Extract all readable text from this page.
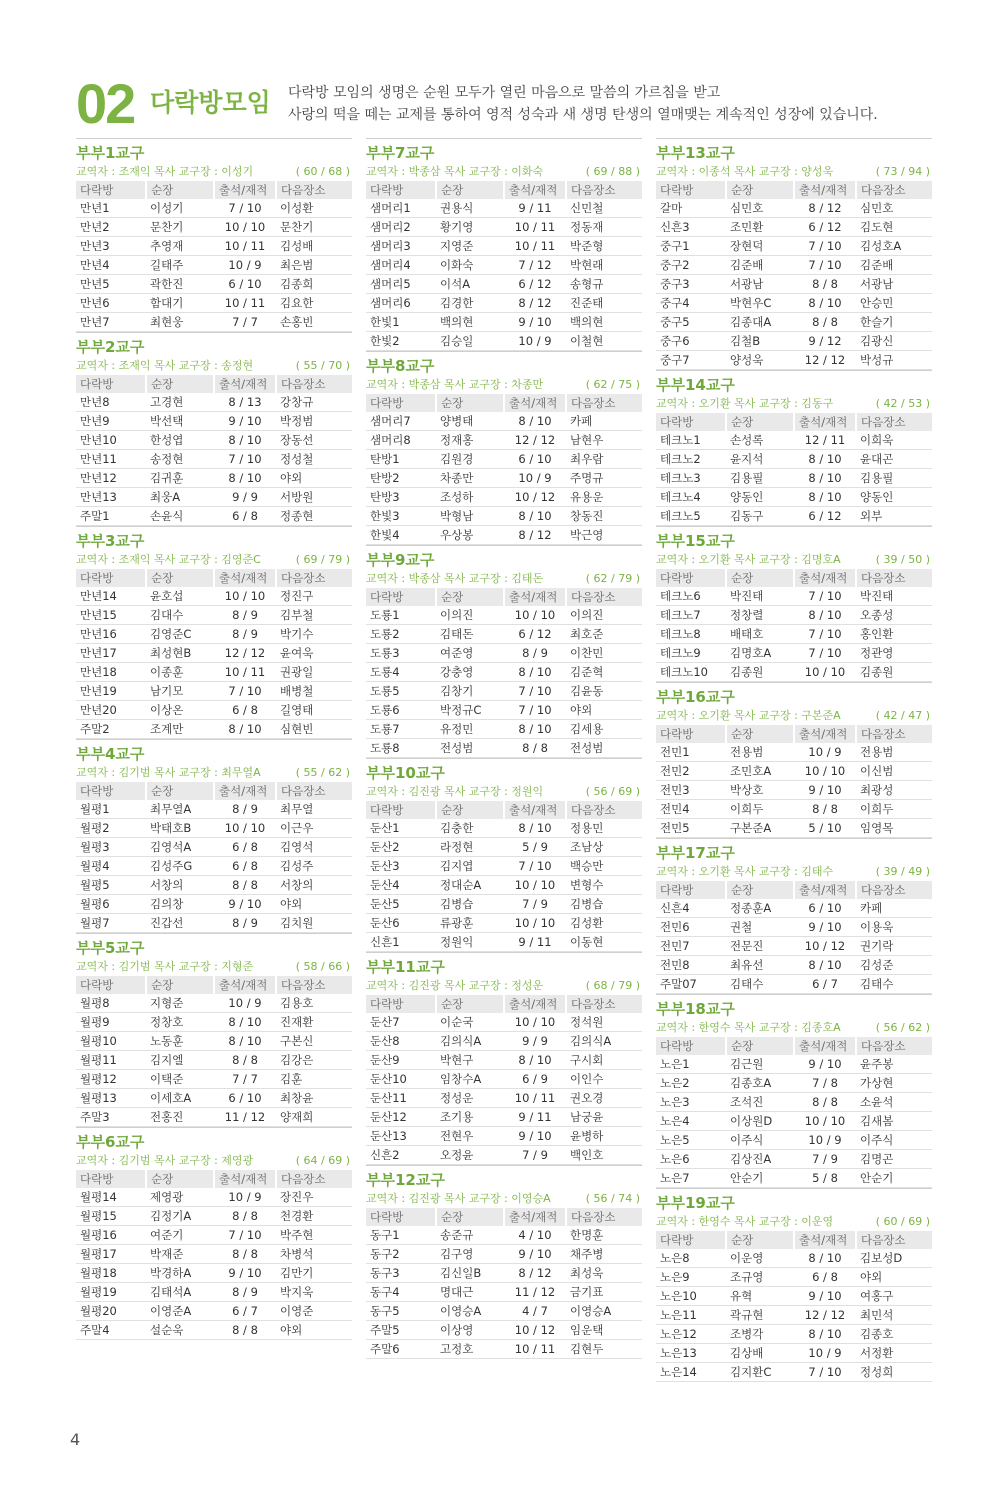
02 다락방모임 다락방 모임의 생명은 순원 모두가 열린 마음으로 말씀의 가르침을 받고
사랑의 떡을 떼는 교제를 통하여 영적 성숙과 새 생명 탄생의 열매맺는 계속적인 성장에 있습니다.
부부1교구
교역자 : 조재익 목사 교구장 : 이성기	( 60 / 68 )
다락방	순장	출석/재적	다음장소
만년1	이성기	7 / 10	이성환
만년2	문찬기	10 / 10	문찬기
만년3	추영재	10 / 11	김성배
만년4	길태주	10 / 9	최은범
만년5	곽한진	6 / 10	김종희
만년6	함대기	10 / 11	김요한
만년7	최현웅	7 / 7	손홍빈
부부2교구
교역자 : 조재익 목사 교구장 : 송정현	( 55 / 70 )
다락방	순장	출석/재적	다음장소
만년8	고경현	8 / 13	강창규
만년9	박선택	9 / 10	박정범
만년10	한성엽	8 / 10	장동선
만년11	송정현	7 / 10	정성철
만년12	김귀훈	8 / 10	야외
만년13	최웅A	9 / 9	서방원
주말1	손윤식	6 / 8	정종현
부부3교구
교역자 : 조재익 목사 교구장 : 김영준C	( 69 / 79 )
다락방	순장	출석/재적	다음장소
만년14	윤호섭	10 / 10	정진구
만년15	김대수	8 / 9	김부철
만년16	김영준C	8 / 9	박기수
만년17	최성현B	12 / 12	윤여욱
만년18	이종훈	10 / 11	권광일
만년19	남기모	7 / 10	배병철
만년20	이상온	6 / 8	길영태
주말2	조계만	8 / 10	심현빈
부부4교구
교역자 : 김기범 목사 교구장 : 최무열A	( 55 / 62 )
다락방	순장	출석/재적	다음장소
월평1	최무열A	8 / 9	최무열
월평2	박태호B	10 / 10	이근우
월평3	김영석A	6 / 8	김영석
월평4	김성주G	6 / 8	김성주
월평5	서창의	8 / 8	서창의
월평6	김의창	9 / 10	야외
월평7	진갑선	8 / 9	김치원
부부5교구
교역자 : 김기범 목사 교구장 : 지형준	( 58 / 66 )
다락방	순장	출석/재적	다음장소
월평8	지형준	10 / 9	김용호
월평9	정창호	8 / 10	진재환
월평10	노동훈	8 / 10	구본신
월평11	김지엘	8 / 8	김강은
월평12	이택준	7 / 7	김훈
월평13	이세호A	6 / 10	최창윤
주말3	전홍진	11 / 12	양재희
부부6교구
교역자 : 김기범 목사 교구장 : 제영광	( 64 / 69 )
다락방	순장	출석/재적	다음장소
월평14	제영광	10 / 9	장진우
월평15	김정기A	8 / 8	천경환
월평16	여준기	7 / 10	박주현
월평17	박재준	8 / 8	차병석
월평18	박경하A	9 / 10	김만기
월평19	김태석A	8 / 9	박지욱
월평20	이영준A	6 / 7	이영준
주말4	설순욱	8 / 8	야외
부부7교구
교역자 : 박종삼 목사 교구장 : 이화숙	( 69 / 88 )
다락방	순장	출석/재적	다음장소
샘머리1	권용식	9 / 11	신민철
샘머리2	황기영	10 / 11	정동재
샘머리3	지영준	10 / 11	박준형
샘머리4	이화숙	7 / 12	박현래
샘머리5	이석A	6 / 12	송형규
샘머리6	김경한	8 / 12	진준태
한빛1	백의현	9 / 10	백의현
한빛2	김승일	10 / 9	이철현
부부8교구
교역자 : 박종삼 목사 교구장 : 차종만	( 62 / 75 )
다락방	순장	출석/재적	다음장소
샘머리7	양병태	8 / 10	카페
샘머리8	정재홍	12 / 12	남현우
탄방1	김원경	6 / 10	최우람
탄방2	차종만	10 / 9	주명규
탄방3	조성하	10 / 12	유용운
한빛3	박형남	8 / 10	창동진
한빛4	우상봉	8 / 12	박근영
부부9교구
교역자 : 박종삼 목사 교구장 : 김태돈	( 62 / 79 )
다락방	순장	출석/재적	다음장소
도룡1	이의진	10 / 10	이의진
도룡2	김태돈	6 / 12	최호준
도룡3	여준영	8 / 9	이찬민
도룡4	강충영	8 / 10	김준혁
도룡5	김창기	7 / 10	김윤동
도룡6	박정규C	7 / 10	야외
도룡7	유정민	8 / 10	김세용
도룡8	전성범	8 / 8	전성범
부부10교구
교역자 : 김진광 목사 교구장 : 정원익	( 56 / 69 )
다락방	순장	출석/재적	다음장소
둔산1	김충한	8 / 10	정용민
둔산2	라정현	5 / 9	조남상
둔산3	김지엽	7 / 10	백승만
둔산4	정대순A	10 / 10	변형수
둔산5	김병습	7 / 9	김병습
둔산6	류광훈	10 / 10	김성환
신흔1	정원익	9 / 11	이동현
부부11교구
교역자 : 김진광 목사 교구장 : 정성운	( 68 / 79 )
다락방	순장	출석/재적	다음장소
둔산7	이순국	10 / 10	정석원
둔산8	김의식A	9 / 9	김의식A
둔산9	박현구	8 / 10	구시회
둔산10	임창수A	6 / 9	이인수
둔산11	정성운	10 / 11	권오경
둔산12	조기용	9 / 11	남궁윤
둔산13	전현우	9 / 10	윤병하
신흔2	오정윤	7 / 9	백인호
부부12교구
교역자 : 김진광 목사 교구장 : 이영승A	( 56 / 74 )
다락방	순장	출석/재적	다음장소
동구1	송준규	4 / 10	한명훈
동구2	김구영	9 / 10	채주병
동구3	김신일B	8 / 12	최성욱
동구4	명대근	11 / 12	금기표
동구5	이영승A	4 / 7	이영승A
주말5	이상영	10 / 12	임운택
주말6	고정호	10 / 11	김현두
부부13교구
교역자 : 이종석 목사 교구장 : 양성욱	( 73 / 94 )
다락방	순장	출석/재적	다음장소
갈마	심민호	8 / 12	심민호
신흔3	조민환	6 / 12	김도현
중구1	장현덕	7 / 10	김성호A
중구2	김준배	7 / 10	김준배
중구3	서광남	8 / 8	서광남
중구4	박현우C	8 / 10	안승민
중구5	김종대A	8 / 8	한슬기
중구6	김철B	9 / 12	김광신
중구7	양성욱	12 / 12	박성규
부부14교구
교역자 : 오기환 목사 교구장 : 김동구	( 42 / 53 )
다락방	순장	출석/재적	다음장소
테크노1	손성록	12 / 11	이희욱
테크노2	윤지석	8 / 10	윤대곤
테크노3	김용필	8 / 10	김용필
테크노4	양동인	8 / 10	양동인
테크노5	김동구	6 / 12	외부
부부15교구
교역자 : 오기환 목사 교구장 : 김명호A	( 39 / 50 )
다락방	순장	출석/재적	다음장소
테크노6	박진태	7 / 10	박진태
테크노7	정창렬	8 / 10	오종성
테크노8	배태호	7 / 10	홍인환
테크노9	김명호A	7 / 10	정관영
테크노10	김종원	10 / 10	김종원
부부16교구
교역자 : 오기환 목사 교구장 : 구본준A	( 42 / 47 )
다락방	순장	출석/재적	다음장소
전민1	전용범	10 / 9	전용범
전민2	조민호A	10 / 10	이신범
전민3	박상호	9 / 10	최광성
전민4	이희두	8 / 8	이희두
전민5	구본준A	5 / 10	임영목
부부17교구
교역자 : 오기환 목사 교구장 : 김태수	( 39 / 49 )
다락방	순장	출석/재적	다음장소
신흔4	정종훈A	6 / 10	카페
전민6	권철	9 / 10	이용욱
전민7	전문진	10 / 12	권기락
전민8	최유선	8 / 10	김성준
주말07	김태수	6 / 7	김태수
부부18교구
교역자 : 한영수 목사 교구장 : 김종호A	( 56 / 62 )
다락방	순장	출석/재적	다음장소
노은1	김근원	9 / 10	윤주봉
노은2	김종호A	7 / 8	가상현
노은3	조석진	8 / 8	소윤석
노은4	이상원D	10 / 10	김새봄
노은5	이주식	10 / 9	이주식
노은6	김상진A	7 / 9	김명곤
노은7	안순기	5 / 8	안순기
부부19교구
교역자 : 한영수 목사 교구장 : 이운영	( 60 / 69 )
다락방	순장	출석/재적	다음장소
노은8	이운영	8 / 10	김보성D
노은9	조규영	6 / 8	야외
노은10	유혁	9 / 10	여홍구
노은11	곽규현	12 / 12	최민석
노은12	조병각	8 / 10	김종호
노은13	김상배	10 / 9	서정환
노은14	김지환C	7 / 10	정성희
4
